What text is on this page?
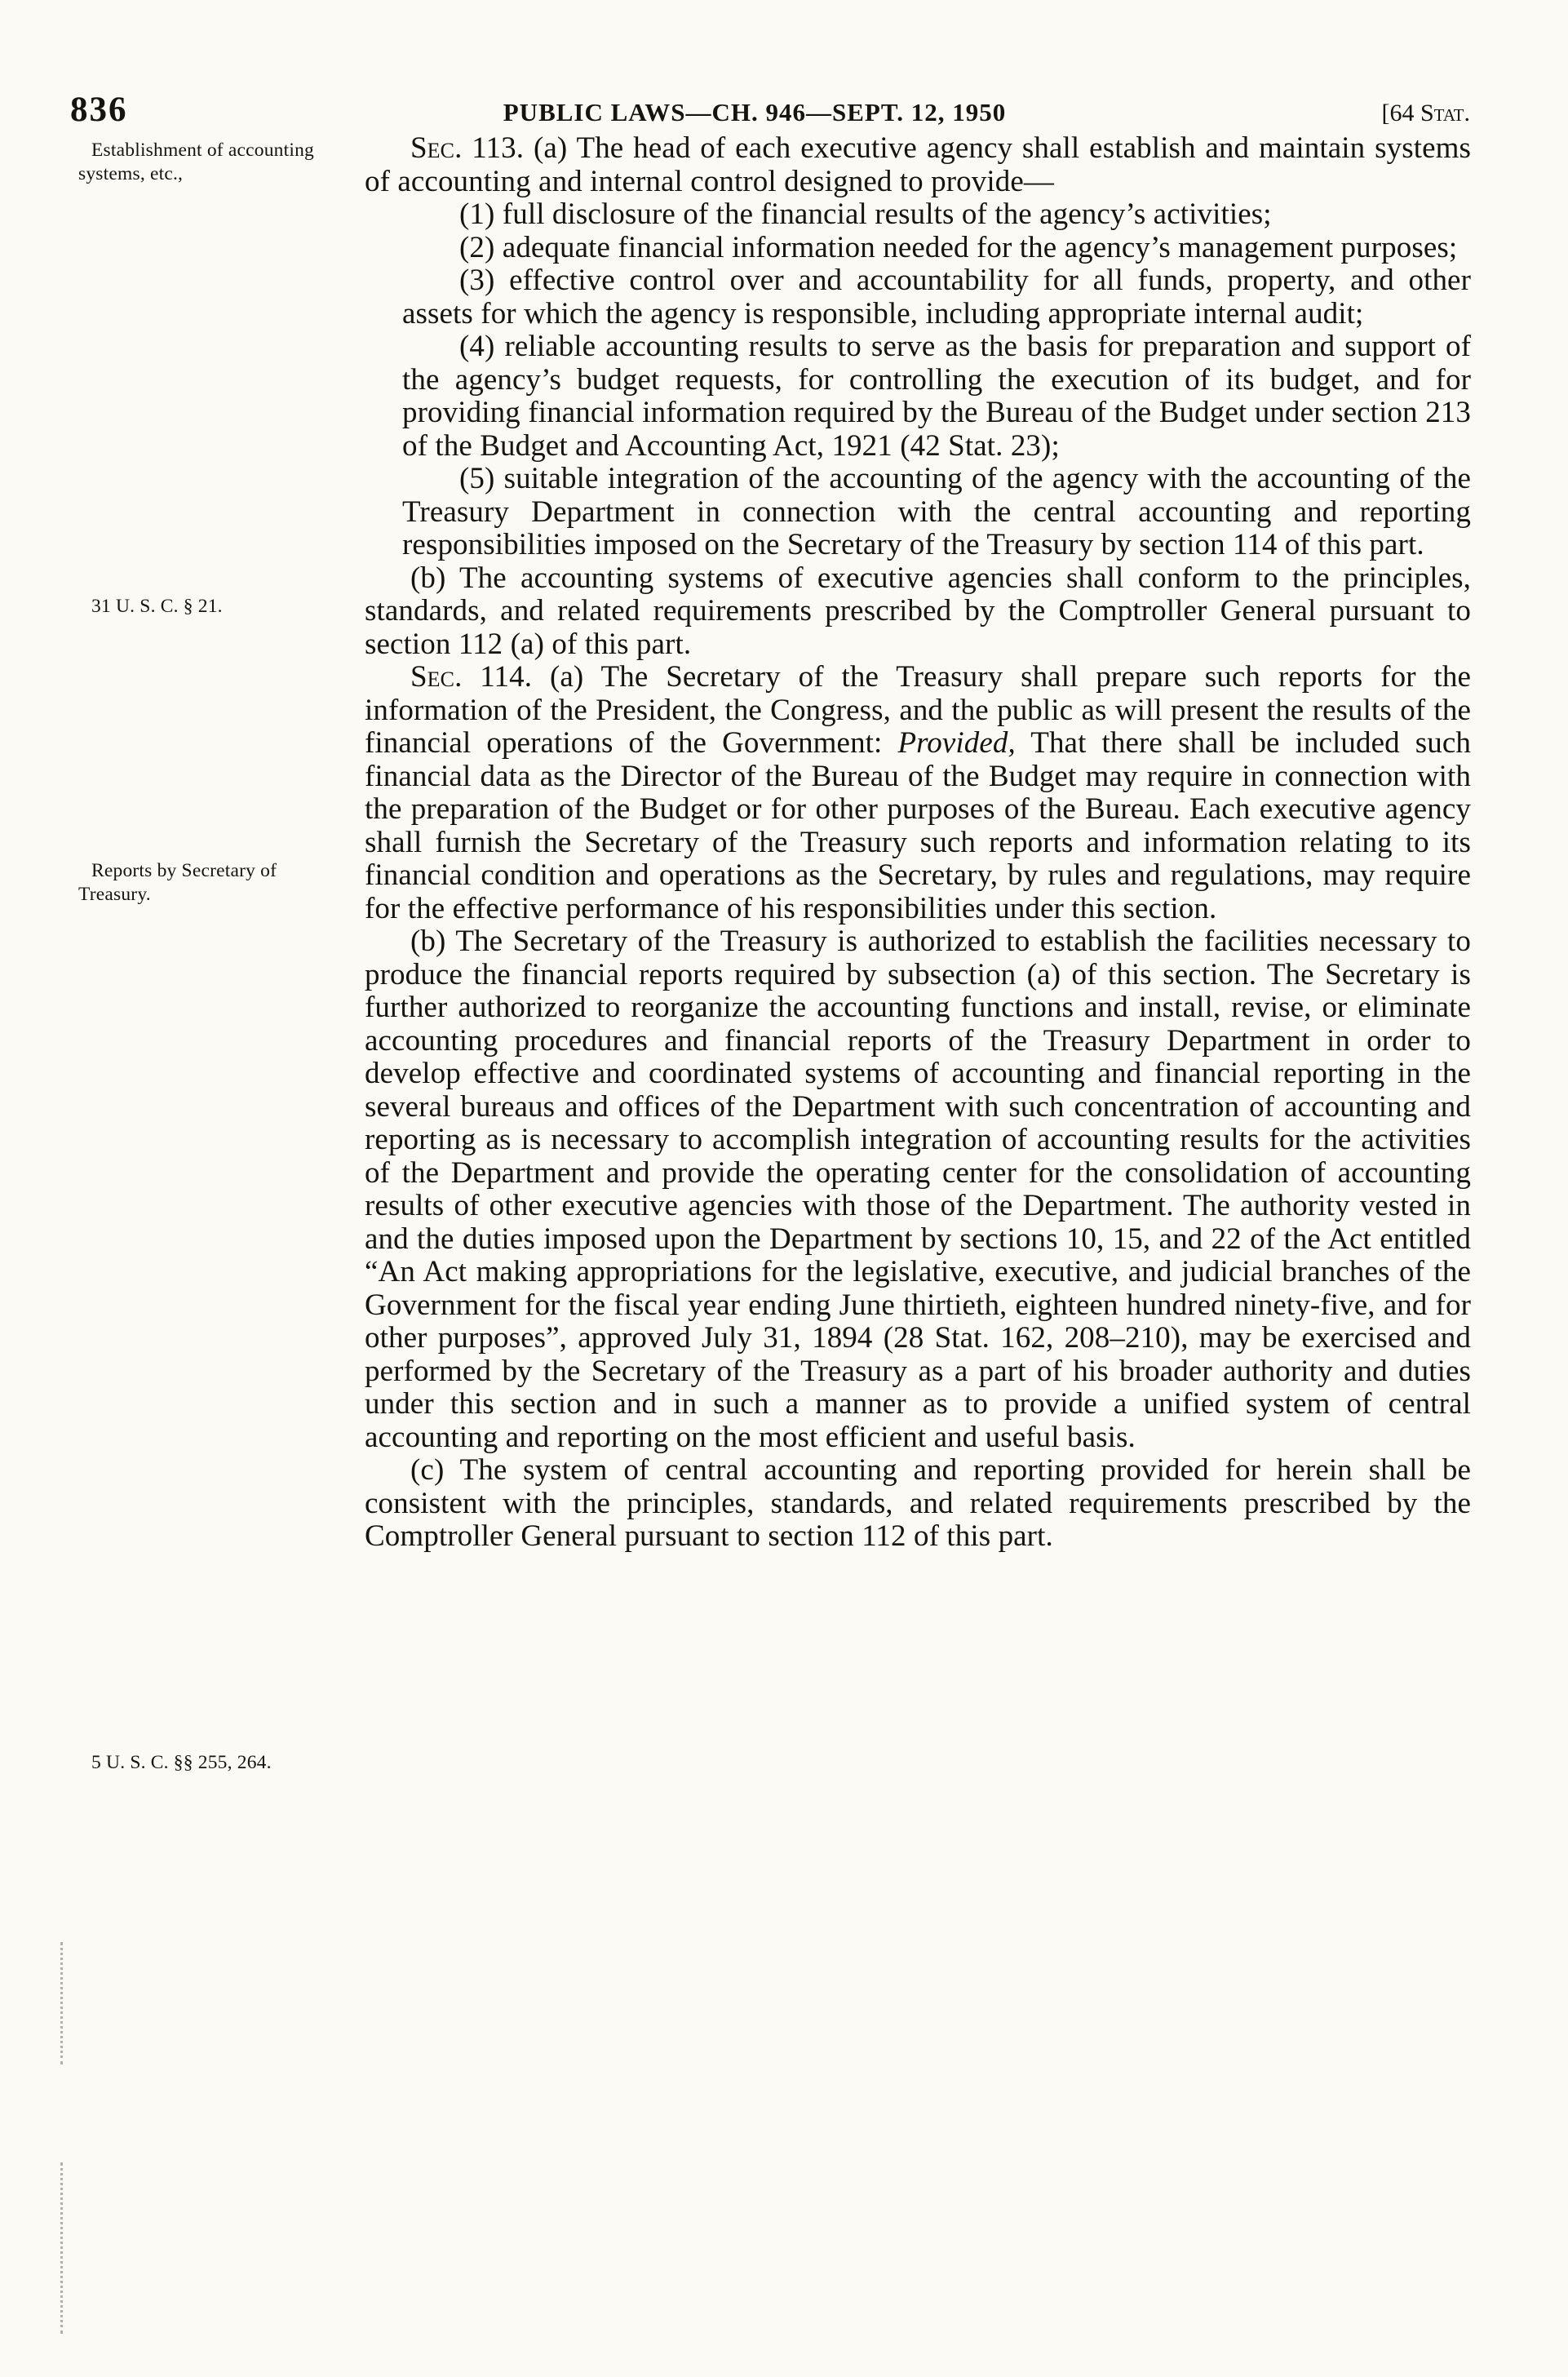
836	PUBLIC LAWS—CH. 946—SEPT. 12, 1950	[64 Stat.
Establishment of accounting systems, etc.,
31 U. S. C. § 21.
Reports by Secretary of Treasury.
5 U. S. C. §§ 255, 264.

Sec. 113. (a) The head of each executive agency shall establish and maintain systems of accounting and internal control designed to provide—

(1) full disclosure of the financial results of the agency’s activities;

(2) adequate financial information needed for the agency’s management purposes;

(3) effective control over and accountability for all funds, property, and other assets for which the agency is responsible, including appropriate internal audit;

(4) reliable accounting results to serve as the basis for preparation and support of the agency’s budget requests, for controlling the execution of its budget, and for providing financial information required by the Bureau of the Budget under section 213 of the Budget and Accounting Act, 1921 (42 Stat. 23);

(5) suitable integration of the accounting of the agency with the accounting of the Treasury Department in connection with the central accounting and reporting responsibilities imposed on the Secretary of the Treasury by section 114 of this part.

(b) The accounting systems of executive agencies shall conform to the principles, standards, and related requirements prescribed by the Comptroller General pursuant to section 112 (a) of this part.

Sec. 114. (a) The Secretary of the Treasury shall prepare such reports for the information of the President, the Congress, and the public as will present the results of the financial operations of the Government: Provided, That there shall be included such financial data as the Director of the Bureau of the Budget may require in connection with the preparation of the Budget or for other purposes of the Bureau. Each executive agency shall furnish the Secretary of the Treasury such reports and information relating to its financial condition and operations as the Secretary, by rules and regulations, may require for the effective performance of his responsibilities under this section.

(b) The Secretary of the Treasury is authorized to establish the facilities necessary to produce the financial reports required by subsection (a) of this section. The Secretary is further authorized to reorganize the accounting functions and install, revise, or eliminate accounting procedures and financial reports of the Treasury Department in order to develop effective and coordinated systems of accounting and financial reporting in the several bureaus and offices of the Department with such concentration of accounting and reporting as is necessary to accomplish integration of accounting results for the activities of the Department and provide the operating center for the consolidation of accounting results of other executive agencies with those of the Department. The authority vested in and the duties imposed upon the Department by sections 10, 15, and 22 of the Act entitled “An Act making appropriations for the legislative, executive, and judicial branches of the Government for the fiscal year ending June thirtieth, eighteen hundred ninety-five, and for other purposes”, approved July 31, 1894 (28 Stat. 162, 208–210), may be exercised and performed by the Secretary of the Treasury as a part of his broader authority and duties under this section and in such a manner as to provide a unified system of central accounting and reporting on the most efficient and useful basis.

(c) The system of central accounting and reporting provided for herein shall be consistent with the principles, standards, and related requirements prescribed by the Comptroller General pursuant to section 112 of this part.
